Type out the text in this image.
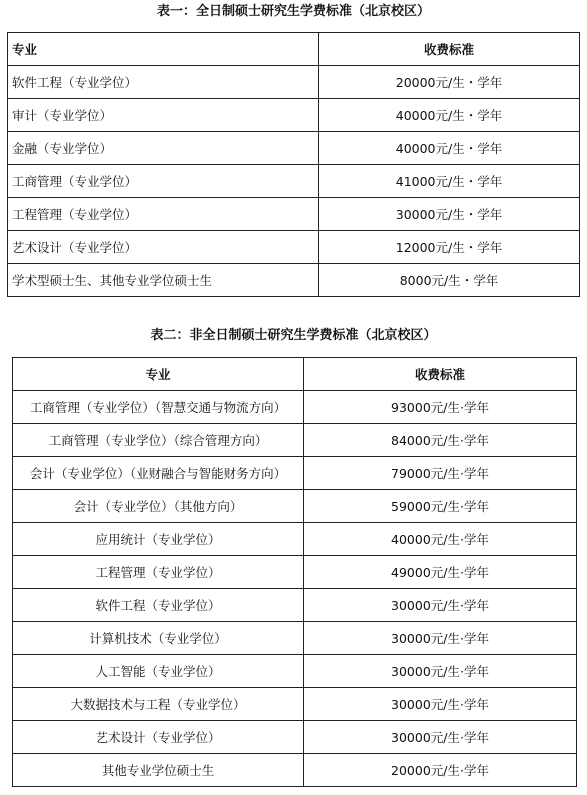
表一：全日制硕士研究生学费标准（北京校区）
专业	收费标准
软件工程（专业学位）	20000元/生・学年
审计（专业学位）	40000元/生・学年
金融（专业学位）	40000元/生・学年
工商管理（专业学位）	41000元/生・学年
工程管理（专业学位）	30000元/生・学年
艺术设计（专业学位）	12000元/生・学年
学术型硕士生、其他专业学位硕士生	8000元/生・学年
表二：非全日制硕士研究生学费标准（北京校区）
专业	收费标准
工商管理（专业学位）（智慧交通与物流方向）	93000元/生·学年
工商管理（专业学位）（综合管理方向）	84000元/生·学年
会计（专业学位）（业财融合与智能财务方向）	79000元/生·学年
会计（专业学位）（其他方向）	59000元/生·学年
应用统计（专业学位）	40000元/生·学年
工程管理（专业学位）	49000元/生·学年
软件工程（专业学位）	30000元/生·学年
计算机技术（专业学位）	30000元/生·学年
人工智能（专业学位）	30000元/生·学年
大数据技术与工程（专业学位）	30000元/生·学年
艺术设计（专业学位）	30000元/生·学年
其他专业学位硕士生	20000元/生·学年
